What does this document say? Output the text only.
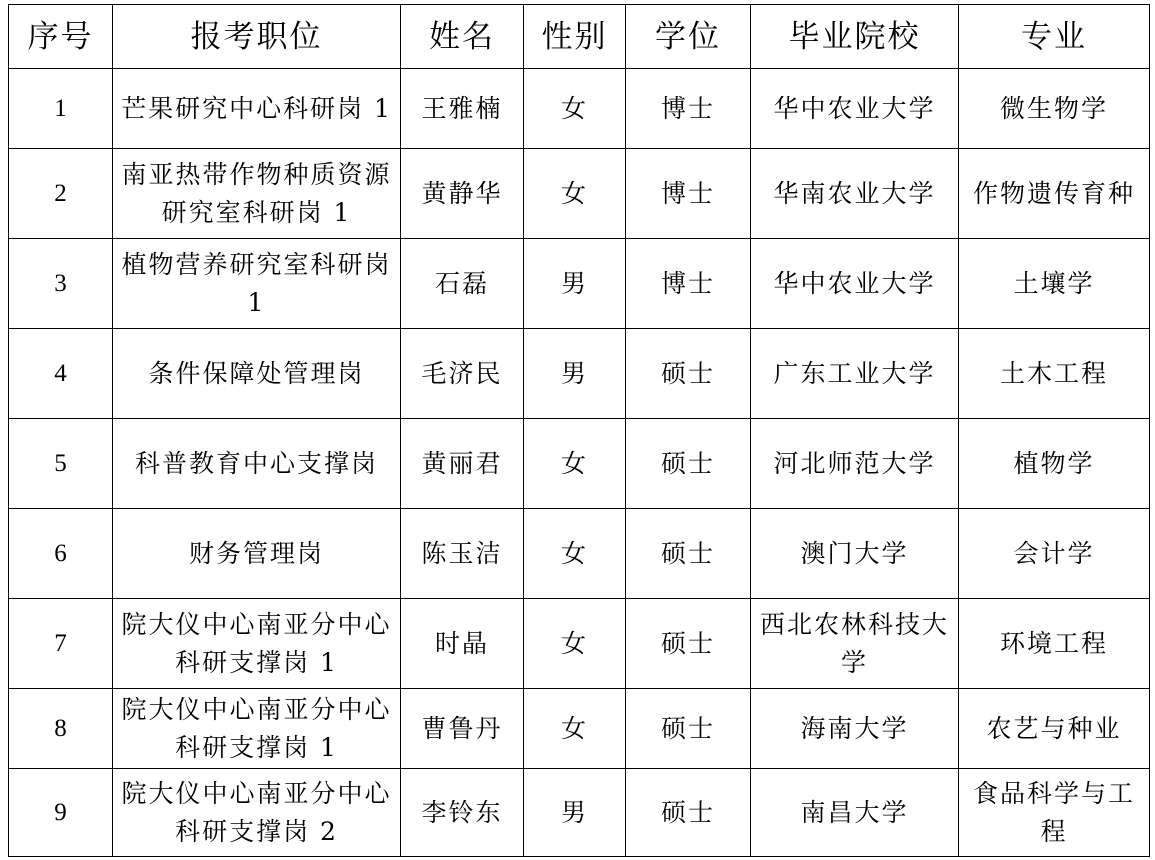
序号	报考职位	姓名	性别	学位	毕业院校	专业
1	芒果研究中心科研岗 1	王雅楠	女	博士	华中农业大学	微生物学
2	南亚热带作物种质资源研究室科研岗 1	黄静华	女	博士	华南农业大学	作物遗传育种
3	植物营养研究室科研岗 1	石磊	男	博士	华中农业大学	土壤学
4	条件保障处管理岗	毛济民	男	硕士	广东工业大学	土木工程
5	科普教育中心支撑岗	黄丽君	女	硕士	河北师范大学	植物学
6	财务管理岗	陈玉洁	女	硕士	澳门大学	会计学
7	院大仪中心南亚分中心科研支撑岗 1	时晶	女	硕士	西北农林科技大学	环境工程
8	院大仪中心南亚分中心科研支撑岗 1	曹鲁丹	女	硕士	海南大学	农艺与种业
9	院大仪中心南亚分中心科研支撑岗 2	李铃东	男	硕士	南昌大学	食品科学与工程
